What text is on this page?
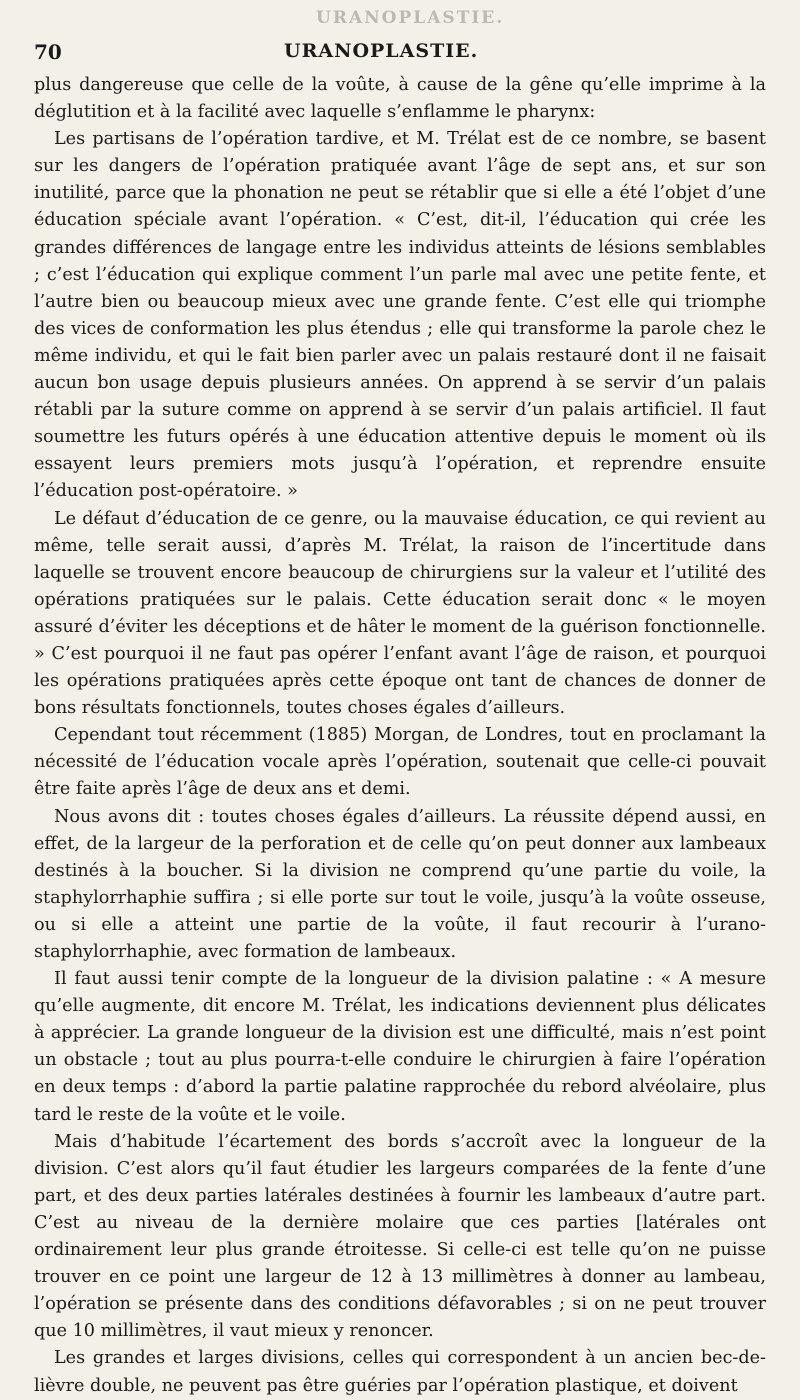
URANOPLASTIE.
70	URANOPLASTIE.

plus dangereuse que celle de la voûte, à cause de la gêne qu’elle imprime à la déglutition et à la facilité avec laquelle s’enflamme le pharynx:

Les partisans de l’opération tardive, et M. Trélat est de ce nombre, se basent sur les dangers de l’opération pratiquée avant l’âge de sept ans, et sur son inutilité, parce que la phonation ne peut se rétablir que si elle a été l’objet d’une éducation spéciale avant l’opération. « C’est, dit-il, l’éducation qui crée les grandes différences de langage entre les individus atteints de lésions semblables ; c’est l’éducation qui explique comment l’un parle mal avec une petite fente, et l’autre bien ou beaucoup mieux avec une grande fente. C’est elle qui triomphe des vices de conformation les plus étendus ; elle qui transforme la parole chez le même individu, et qui le fait bien parler avec un palais restauré dont il ne faisait aucun bon usage depuis plusieurs années. On apprend à se servir d’un palais rétabli par la suture comme on apprend à se servir d’un palais artificiel. Il faut soumettre les futurs opérés à une éducation attentive depuis le moment où ils essayent leurs premiers mots jusqu’à l’opération, et reprendre ensuite l’éducation post-opératoire. »

Le défaut d’éducation de ce genre, ou la mauvaise éducation, ce qui revient au même, telle serait aussi, d’après M. Trélat, la raison de l’incertitude dans laquelle se trouvent encore beaucoup de chirurgiens sur la valeur et l’utilité des opérations pratiquées sur le palais. Cette éducation serait donc « le moyen assuré d’éviter les déceptions et de hâter le moment de la guérison fonctionnelle. » C’est pourquoi il ne faut pas opérer l’enfant avant l’âge de raison, et pourquoi les opérations pratiquées après cette époque ont tant de chances de donner de bons résultats fonctionnels, toutes choses égales d’ailleurs.

Cependant tout récemment (1885) Morgan, de Londres, tout en proclamant la nécessité de l’éducation vocale après l’opération, soutenait que celle-ci pouvait être faite après l’âge de deux ans et demi.

Nous avons dit : toutes choses égales d’ailleurs. La réussite dépend aussi, en effet, de la largeur de la perforation et de celle qu’on peut donner aux lambeaux destinés à la boucher. Si la division ne comprend qu’une partie du voile, la staphylorrhaphie suffira ; si elle porte sur tout le voile, jusqu’à la voûte osseuse, ou si elle a atteint une partie de la voûte, il faut recourir à l’urano-staphylorrhaphie, avec formation de lambeaux.

Il faut aussi tenir compte de la longueur de la division palatine : « A mesure qu’elle augmente, dit encore M. Trélat, les indications deviennent plus délicates à apprécier. La grande longueur de la division est une difficulté, mais n’est point un obstacle ; tout au plus pourra-t-elle conduire le chirurgien à faire l’opération en deux temps : d’abord la partie palatine rapprochée du rebord alvéolaire, plus tard le reste de la voûte et le voile.

Mais d’habitude l’écartement des bords s’accroît avec la longueur de la division. C’est alors qu’il faut étudier les largeurs comparées de la fente d’une part, et des deux parties latérales destinées à fournir les lambeaux d’autre part. C’est au niveau de la dernière molaire que ces parties [latérales ont ordinairement leur plus grande étroitesse. Si celle-ci est telle qu’on ne puisse trouver en ce point une largeur de 12 à 13 millimètres à donner au lambeau, l’opération se présente dans des conditions défavorables ; si on ne peut trouver que 10 millimètres, il vaut mieux y renoncer.

Les grandes et larges divisions, celles qui correspondent à un ancien bec-de-lièvre double, ne peuvent pas être guéries par l’opération plastique, et doivent
